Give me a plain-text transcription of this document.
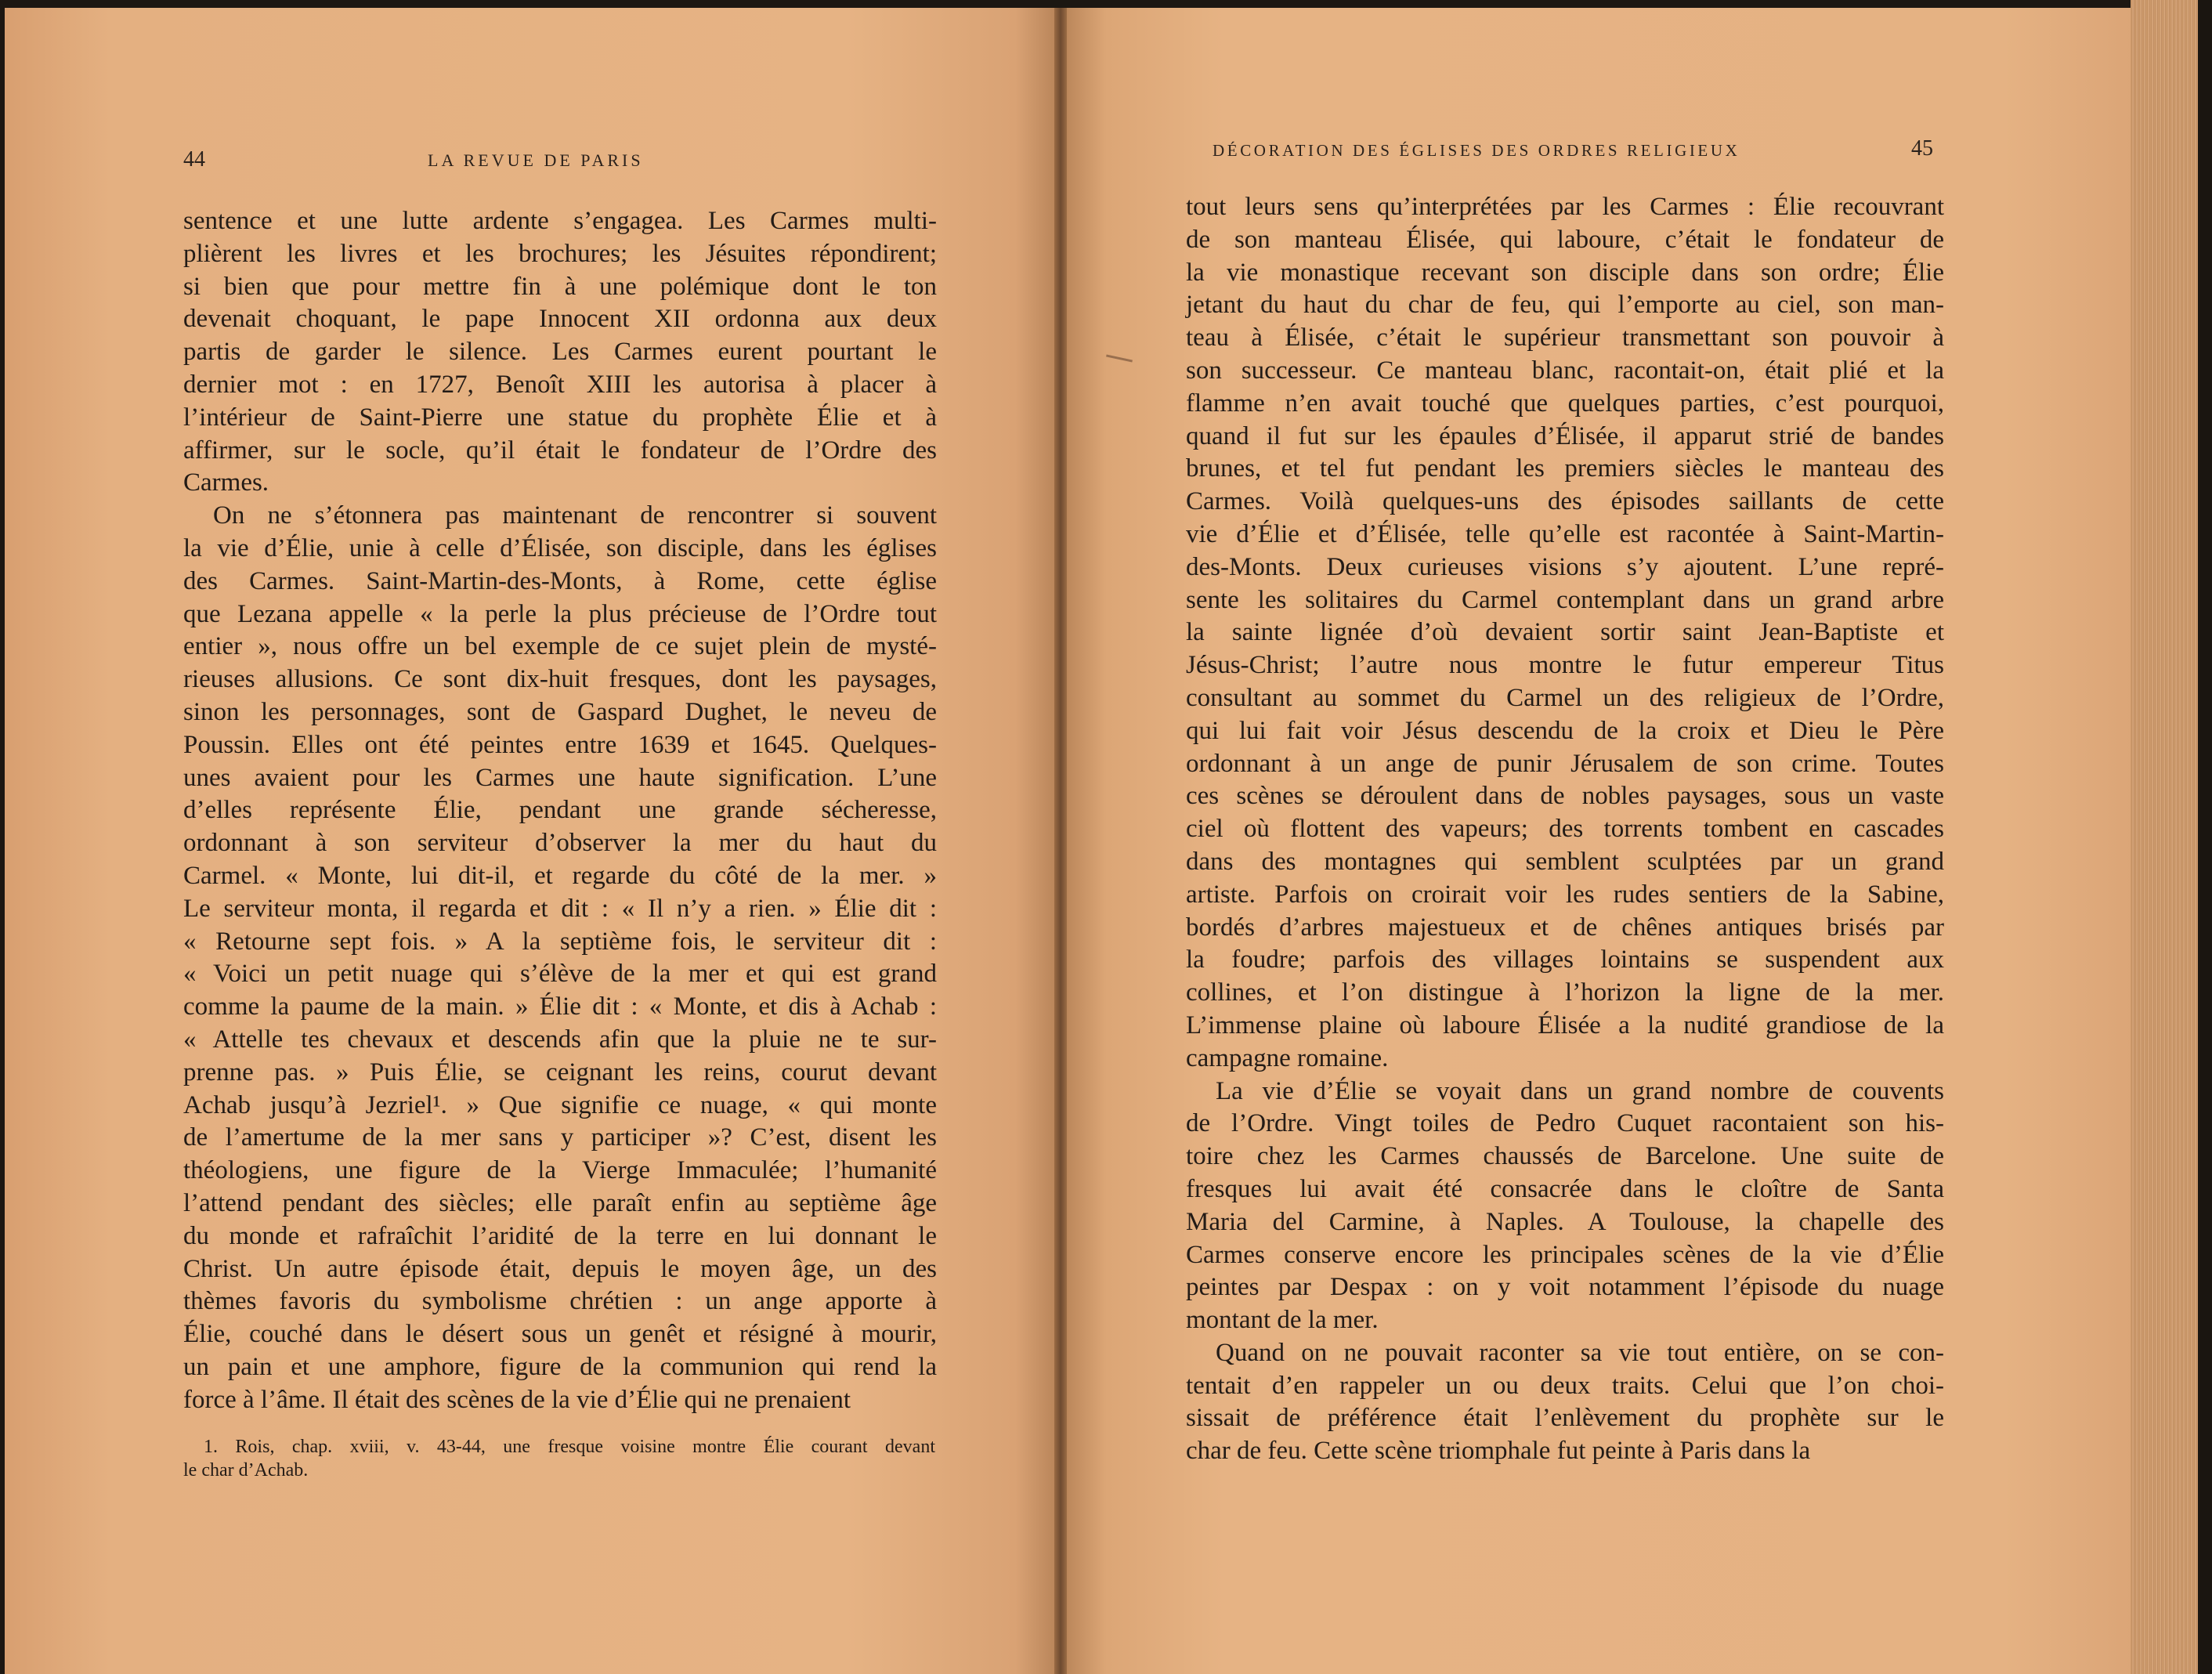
44	LA REVUE DE PARIS	DÉCORATION DES ÉGLISES DES ORDRES RELIGIEUX	45
sentence et une lutte ardente s’engagea. Les Carmes multi-
plièrent les livres et les brochures; les Jésuites répondirent;
si bien que pour mettre fin à une polémique dont le ton
devenait choquant, le pape Innocent XII ordonna aux deux
partis de garder le silence. Les Carmes eurent pourtant le
dernier mot : en 1727, Benoît XIII les autorisa à placer à
l’intérieur de Saint-Pierre une statue du prophète Élie et à
affirmer, sur le socle, qu’il était le fondateur de l’Ordre des
Carmes.
On ne s’étonnera pas maintenant de rencontrer si souvent
la vie d’Élie, unie à celle d’Élisée, son disciple, dans les églises
des Carmes. Saint-Martin-des-Monts, à Rome, cette église
que Lezana appelle « la perle la plus précieuse de l’Ordre tout
entier », nous offre un bel exemple de ce sujet plein de mysté-
rieuses allusions. Ce sont dix-huit fresques, dont les paysages,
sinon les personnages, sont de Gaspard Dughet, le neveu de
Poussin. Elles ont été peintes entre 1639 et 1645. Quelques-
unes avaient pour les Carmes une haute signification. L’une
d’elles représente Élie, pendant une grande sécheresse,
ordonnant à son serviteur d’observer la mer du haut du
Carmel. « Monte, lui dit-il, et regarde du côté de la mer. »
Le serviteur monta, il regarda et dit : « Il n’y a rien. » Élie dit :
« Retourne sept fois. » A la septième fois, le serviteur dit :
« Voici un petit nuage qui s’élève de la mer et qui est grand
comme la paume de la main. » Élie dit : « Monte, et dis à Achab :
« Attelle tes chevaux et descends afin que la pluie ne te sur-
prenne pas. » Puis Élie, se ceignant les reins, courut devant
Achab jusqu’à Jezriel¹. » Que signifie ce nuage, « qui monte
de l’amertume de la mer sans y participer »? C’est, disent les
théologiens, une figure de la Vierge Immaculée; l’humanité
l’attend pendant des siècles; elle paraît enfin au septième âge
du monde et rafraîchit l’aridité de la terre en lui donnant le
Christ. Un autre épisode était, depuis le moyen âge, un des
thèmes favoris du symbolisme chrétien : un ange apporte à
Élie, couché dans le désert sous un genêt et résigné à mourir,
un pain et une amphore, figure de la communion qui rend la
force à l’âme. Il était des scènes de la vie d’Élie qui ne prenaient
1. Rois, chap. xviii, v. 43-44, une fresque voisine montre Élie courant devant
le char d’Achab.
tout leurs sens qu’interprétées par les Carmes : Élie recouvrant
de son manteau Élisée, qui laboure, c’était le fondateur de
la vie monastique recevant son disciple dans son ordre; Élie
jetant du haut du char de feu, qui l’emporte au ciel, son man-
teau à Élisée, c’était le supérieur transmettant son pouvoir à
son successeur. Ce manteau blanc, racontait-on, était plié et la
flamme n’en avait touché que quelques parties, c’est pourquoi,
quand il fut sur les épaules d’Élisée, il apparut strié de bandes
brunes, et tel fut pendant les premiers siècles le manteau des
Carmes. Voilà quelques-uns des épisodes saillants de cette
vie d’Élie et d’Élisée, telle qu’elle est racontée à Saint-Martin-
des-Monts. Deux curieuses visions s’y ajoutent. L’une repré-
sente les solitaires du Carmel contemplant dans un grand arbre
la sainte lignée d’où devaient sortir saint Jean-Baptiste et
Jésus-Christ; l’autre nous montre le futur empereur Titus
consultant au sommet du Carmel un des religieux de l’Ordre,
qui lui fait voir Jésus descendu de la croix et Dieu le Père
ordonnant à un ange de punir Jérusalem de son crime. Toutes
ces scènes se déroulent dans de nobles paysages, sous un vaste
ciel où flottent des vapeurs; des torrents tombent en cascades
dans des montagnes qui semblent sculptées par un grand
artiste. Parfois on croirait voir les rudes sentiers de la Sabine,
bordés d’arbres majestueux et de chênes antiques brisés par
la foudre; parfois des villages lointains se suspendent aux
collines, et l’on distingue à l’horizon la ligne de la mer.
L’immense plaine où laboure Élisée a la nudité grandiose de la
campagne romaine.
La vie d’Élie se voyait dans un grand nombre de couvents
de l’Ordre. Vingt toiles de Pedro Cuquet racontaient son his-
toire chez les Carmes chaussés de Barcelone. Une suite de
fresques lui avait été consacrée dans le cloître de Santa
Maria del Carmine, à Naples. A Toulouse, la chapelle des
Carmes conserve encore les principales scènes de la vie d’Élie
peintes par Despax : on y voit notamment l’épisode du nuage
montant de la mer.
Quand on ne pouvait raconter sa vie tout entière, on se con-
tentait d’en rappeler un ou deux traits. Celui que l’on choi-
sissait de préférence était l’enlèvement du prophète sur le
char de feu. Cette scène triomphale fut peinte à Paris dans la
